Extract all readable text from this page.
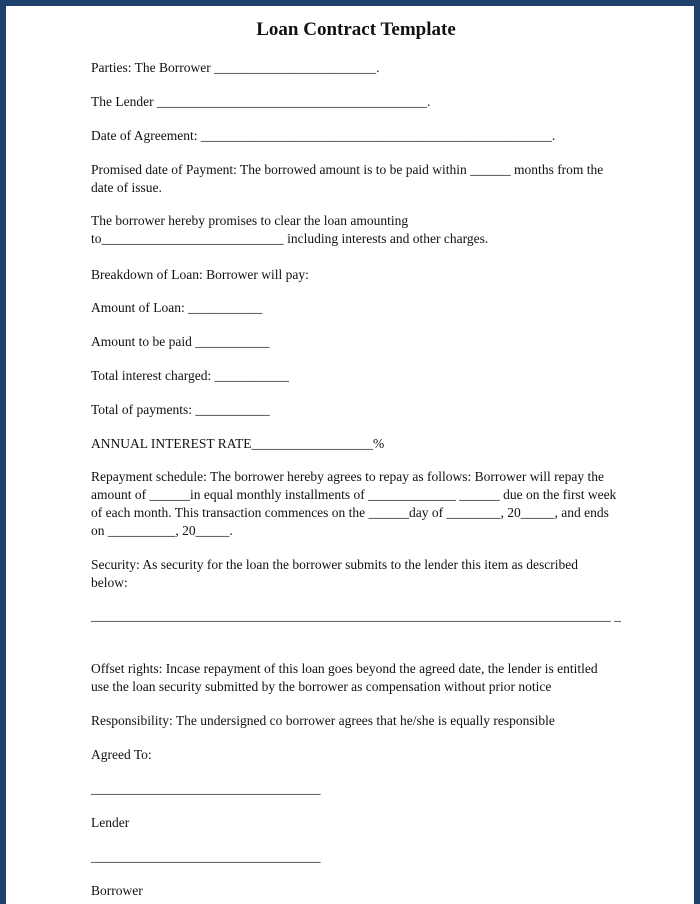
Loan Contract Template
Parties: The Borrower ________________________.
The Lender ________________________________________.
Date of Agreement: ____________________________________________________.
Promised date of Payment: The borrowed amount is to be paid within ______ months from the date of issue.
The borrower hereby promises to clear the loan amounting to___________________________ including interests and other charges.
Breakdown of Loan: Borrower will pay:
Amount of Loan: ___________
Amount to be paid ___________
Total interest charged: ___________
Total of payments: ___________
ANNUAL INTEREST RATE__________________%
Repayment schedule: The borrower hereby agrees to repay as follows: Borrower will repay the amount of ______in equal monthly installments of _____________ ______ due on the first week of each month. This transaction commences on the ______day of ________, 20_____, and ends on __________, 20_____.
Security: As security for the loan the borrower submits to the lender this item as described below:
_____________________________________________________________________________ _
Offset rights: Incase repayment of this loan goes beyond the agreed date, the lender is entitled use the loan security submitted by the borrower as compensation without prior notice
Responsibility: The undersigned co borrower agrees that he/she is equally responsible
Agreed To:
__________________________________
Lender
__________________________________
Borrower
